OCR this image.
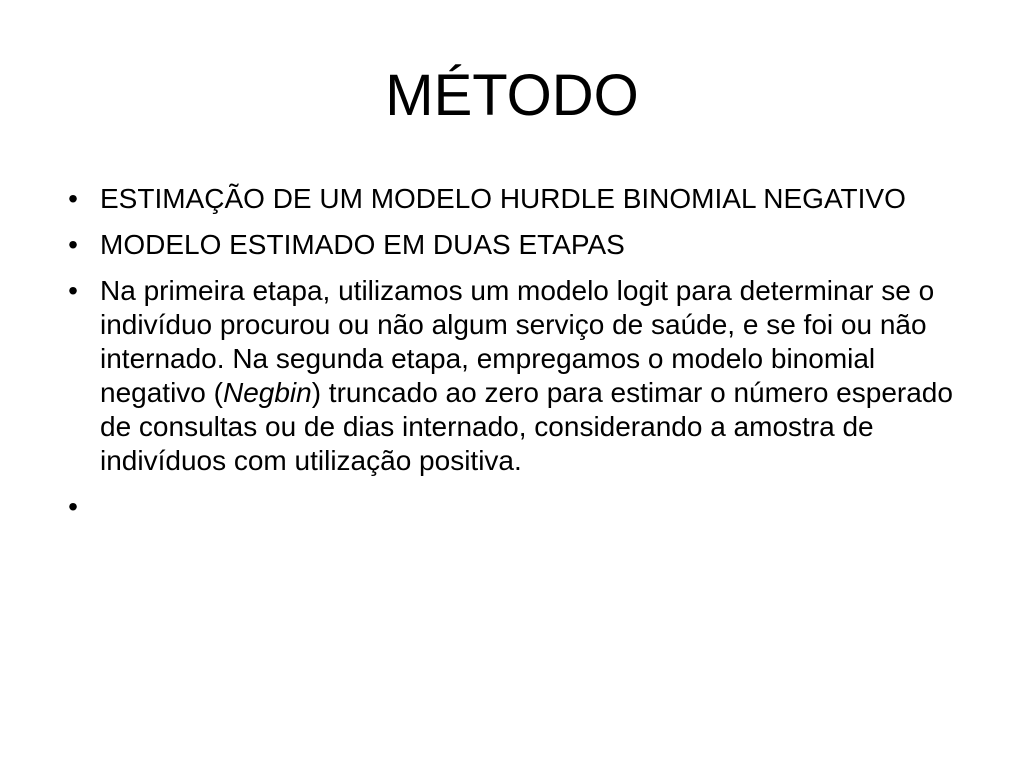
MÉTODO
• ESTIMAÇÃO DE UM MODELO HURDLE BINOMIAL NEGATIVO
• MODELO ESTIMADO EM DUAS ETAPAS
• Na primeira etapa, utilizamos um modelo logit para determinar se o indivíduo procurou ou não algum serviço de saúde, e se foi ou não internado. Na segunda etapa, empregamos o modelo binomial negativo (Negbin) truncado ao zero para estimar o número esperado de consultas ou de dias internado, considerando a amostra de indivíduos com utilização positiva.
•
